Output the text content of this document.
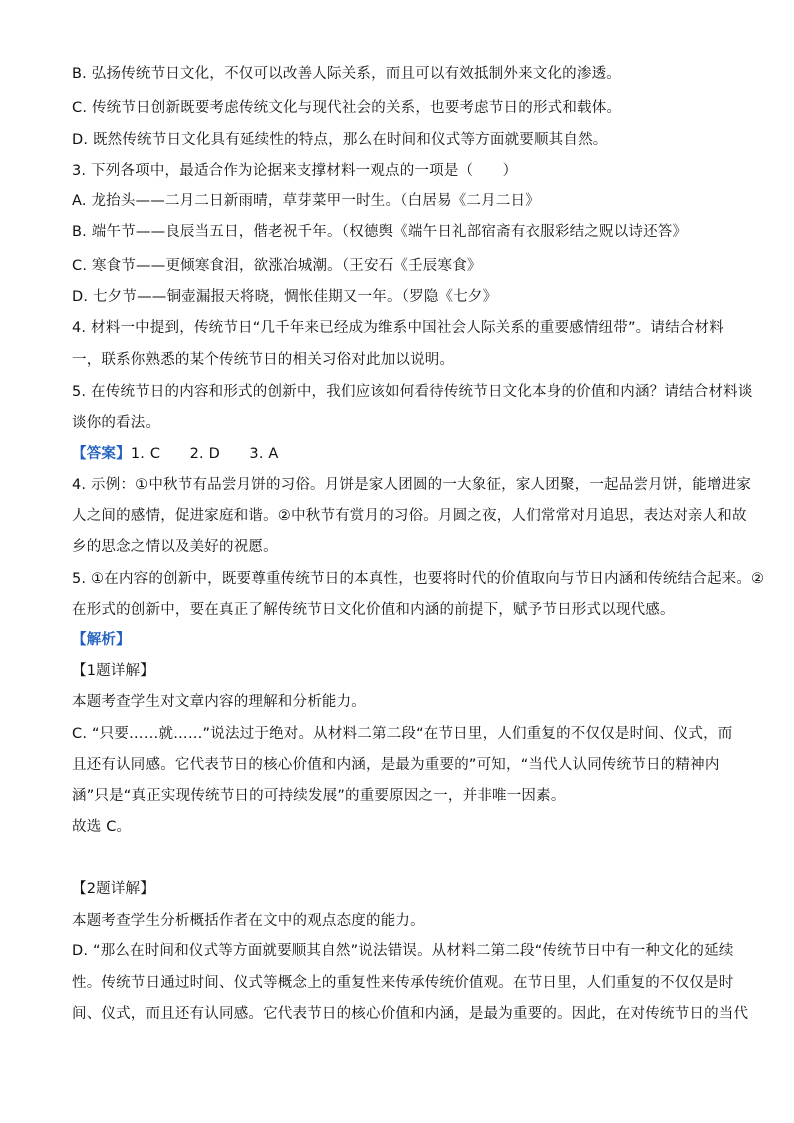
B. 弘扬传统节日文化，不仅可以改善人际关系，而且可以有效抵制外来文化的渗透。
C. 传统节日创新既要考虑传统文化与现代社会的关系，也要考虑节日的形式和载体。
D. 既然传统节日文化具有延续性的特点，那么在时间和仪式等方面就要顺其自然。
3. 下列各项中，最适合作为论据来支撑材料一观点的一项是（　　）
A. 龙抬头——二月二日新雨晴，草芽菜甲一时生。（白居易《二月二日》
B. 端午节——良辰当五日，偕老祝千年。（权德舆《端午日礼部宿斋有衣服彩结之贶以诗还答》
C. 寒食节——更倾寒食泪，欲涨冶城潮。（王安石《壬辰寒食》
D. 七夕节——铜壶漏报天将晓，惆怅佳期又一年。（罗隐《七夕》
4. 材料一中提到，传统节日“几千年来已经成为维系中国社会人际关系的重要感情纽带”。请结合材料
一，联系你熟悉的某个传统节日的相关习俗对此加以说明。
5. 在传统节日的内容和形式的创新中，我们应该如何看待传统节日文化本身的价值和内涵？请结合材料谈
谈你的看法。
【答案】1. C　　2. D　　3. A
4. 示例：①中秋节有品尝月饼的习俗。月饼是家人团圆的一大象征，家人团聚，一起品尝月饼，能增进家
人之间的感情，促进家庭和谐。②中秋节有赏月的习俗。月圆之夜，人们常常对月追思，表达对亲人和故
乡的思念之情以及美好的祝愿。
5. ①在内容的创新中，既要尊重传统节日的本真性，也要将时代的价值取向与节日内涵和传统结合起来。②
在形式的创新中，要在真正了解传统节日文化价值和内涵的前提下，赋予节日形式以现代感。
【解析】
【1题详解】
本题考查学生对文章内容的理解和分析能力。
C. “只要……就……”说法过于绝对。从材料二第二段“在节日里，人们重复的不仅仅是时间、仪式，而
且还有认同感。它代表节日的核心价值和内涵，是最为重要的”可知，“当代人认同传统节日的精神内
涵”只是“真正实现传统节日的可持续发展”的重要原因之一，并非唯一因素。
故选 C。
【2题详解】
本题考查学生分析概括作者在文中的观点态度的能力。
D. “那么在时间和仪式等方面就要顺其自然”说法错误。从材料二第二段“传统节日中有一种文化的延续
性。传统节日通过时间、仪式等概念上的重复性来传承传统价值观。在节日里，人们重复的不仅仅是时
间、仪式，而且还有认同感。它代表节日的核心价值和内涵，是最为重要的。因此，在对传统节日的当代
